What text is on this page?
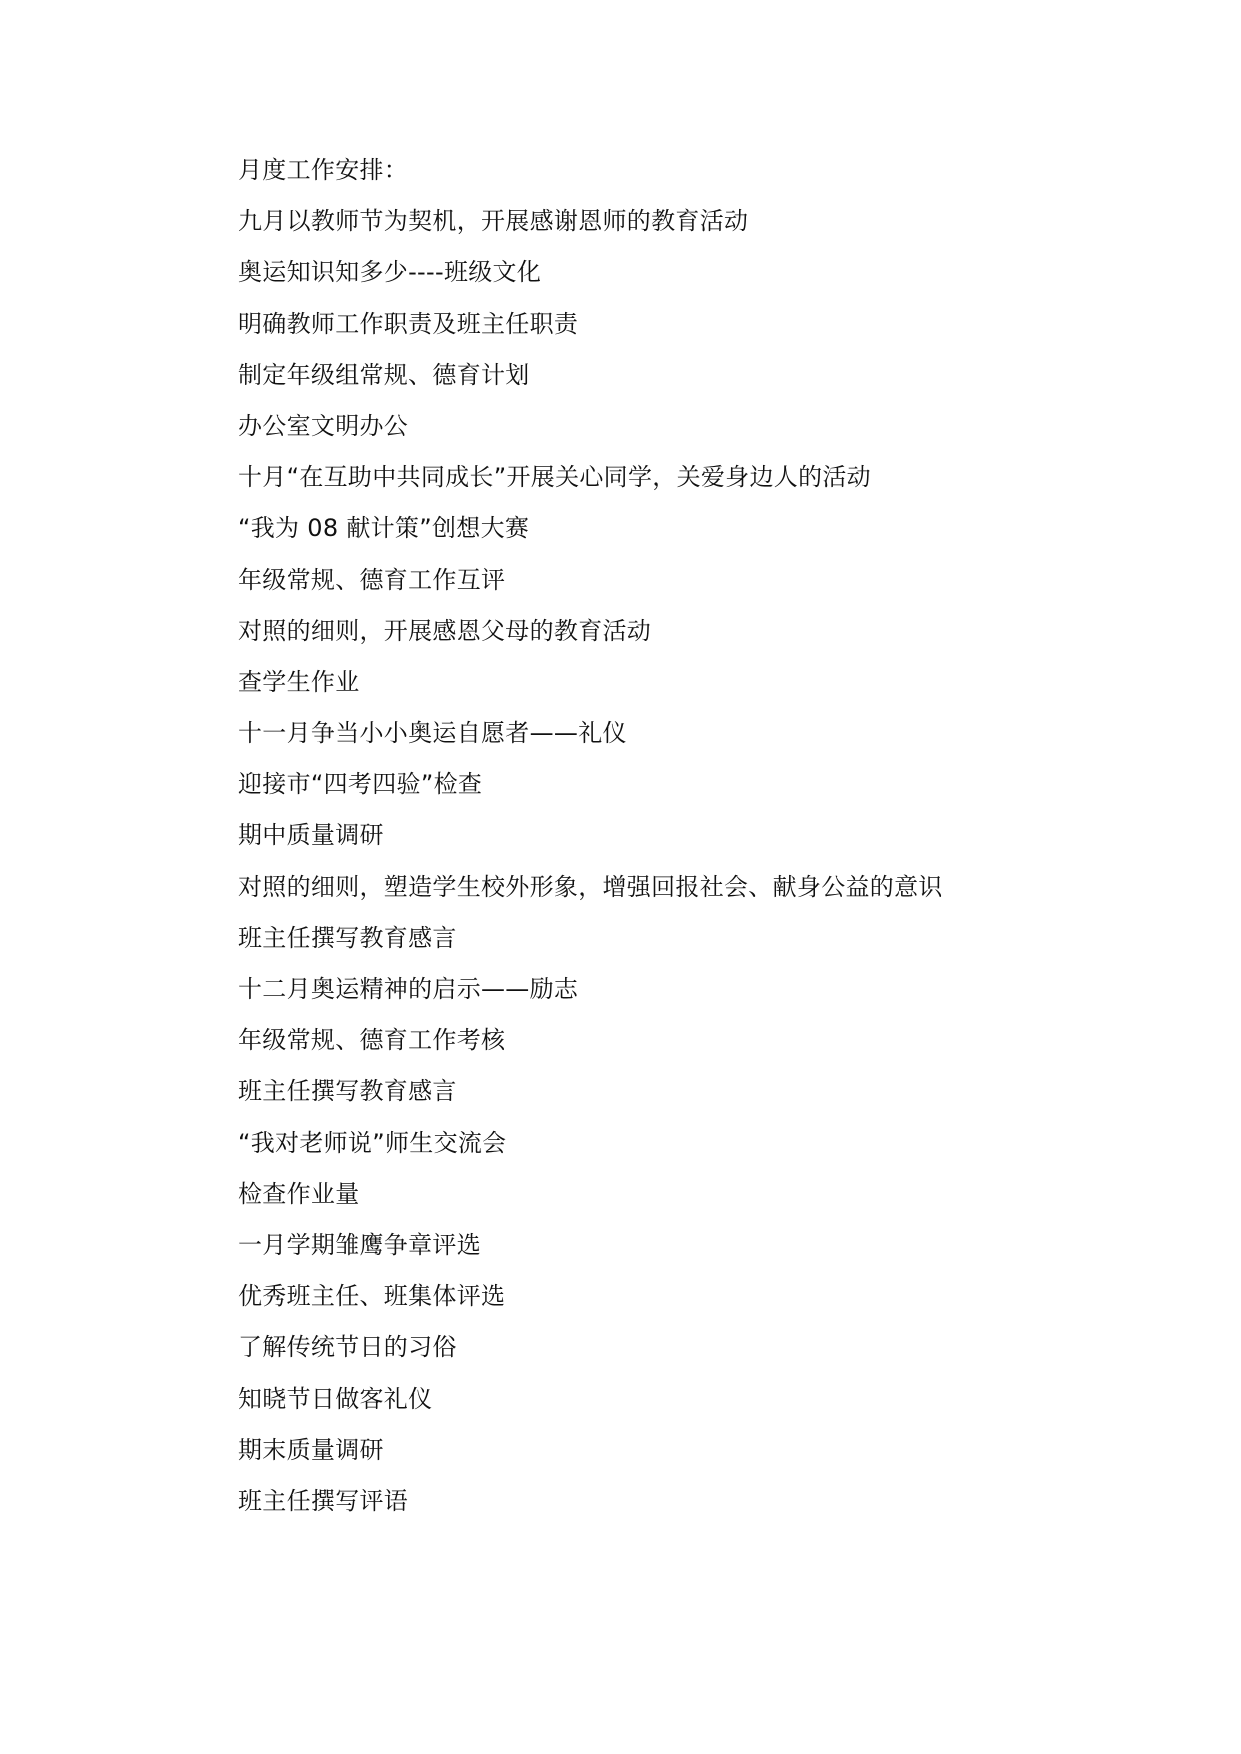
月度工作安排：
九月以教师节为契机，开展感谢恩师的教育活动
奥运知识知多少----班级文化
明确教师工作职责及班主任职责
制定年级组常规、德育计划
办公室文明办公
十月“在互助中共同成长”开展关心同学，关爱身边人的活动
“我为 08 献计策”创想大赛
年级常规、德育工作互评
对照的细则，开展感恩父母的教育活动
查学生作业
十一月争当小小奥运自愿者——礼仪
迎接市“四考四验”检查
期中质量调研
对照的细则，塑造学生校外形象，增强回报社会、献身公益的意识
班主任撰写教育感言
十二月奥运精神的启示——励志
年级常规、德育工作考核
班主任撰写教育感言
“我对老师说”师生交流会
检查作业量
一月学期雏鹰争章评选
优秀班主任、班集体评选
了解传统节日的习俗
知晓节日做客礼仪
期末质量调研
班主任撰写评语
